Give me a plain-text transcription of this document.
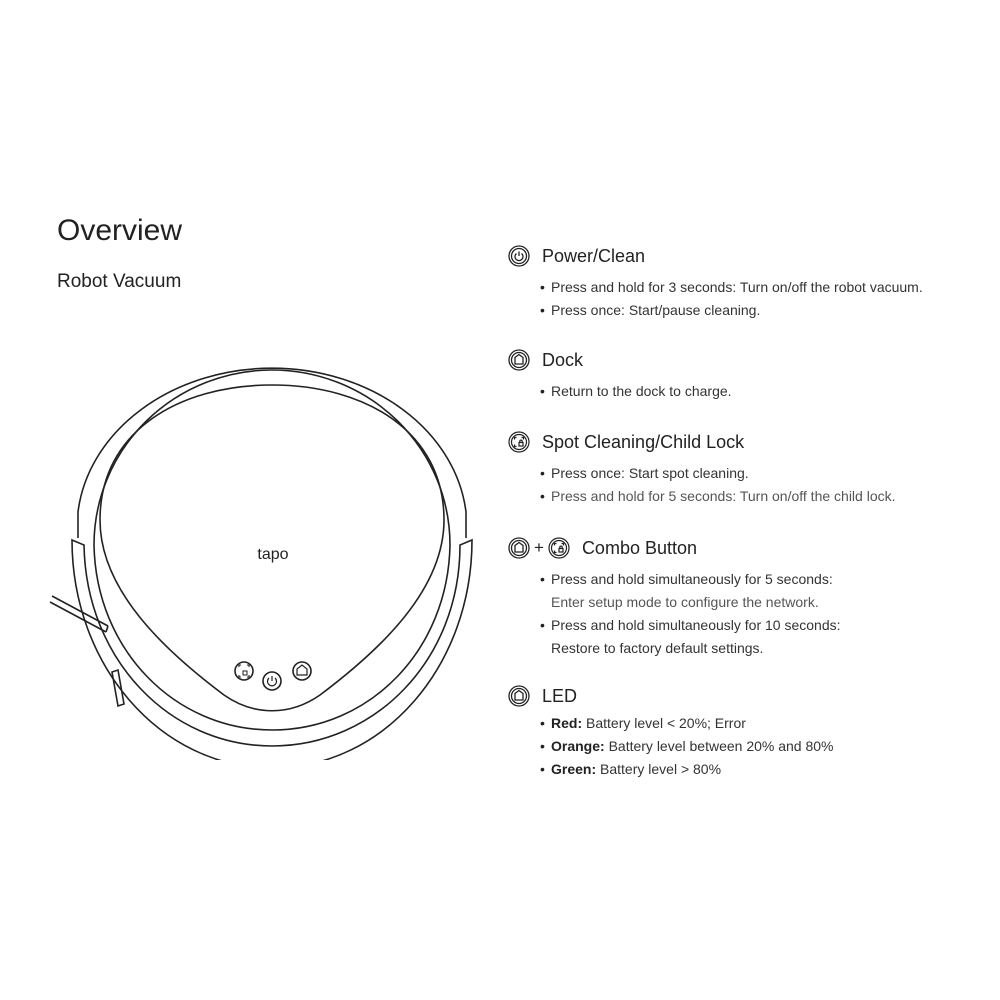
Overview
Robot Vacuum
tapo
Power/Clean
• Press and hold for 3 seconds: Turn on/off the robot vacuum.
• Press once: Start/pause cleaning.
Dock
• Return to the dock to charge.
Spot Cleaning/Child Lock
• Press once: Start spot cleaning.
• Press and hold for 5 seconds: Turn on/off the child lock.
+ Combo Button
• Press and hold simultaneously for 5 seconds:
Enter setup mode to configure the network.
• Press and hold simultaneously for 10 seconds:
Restore to factory default settings.
LED
• Red: Battery level < 20%; Error
• Orange: Battery level between 20% and 80%
• Green: Battery level > 80%
